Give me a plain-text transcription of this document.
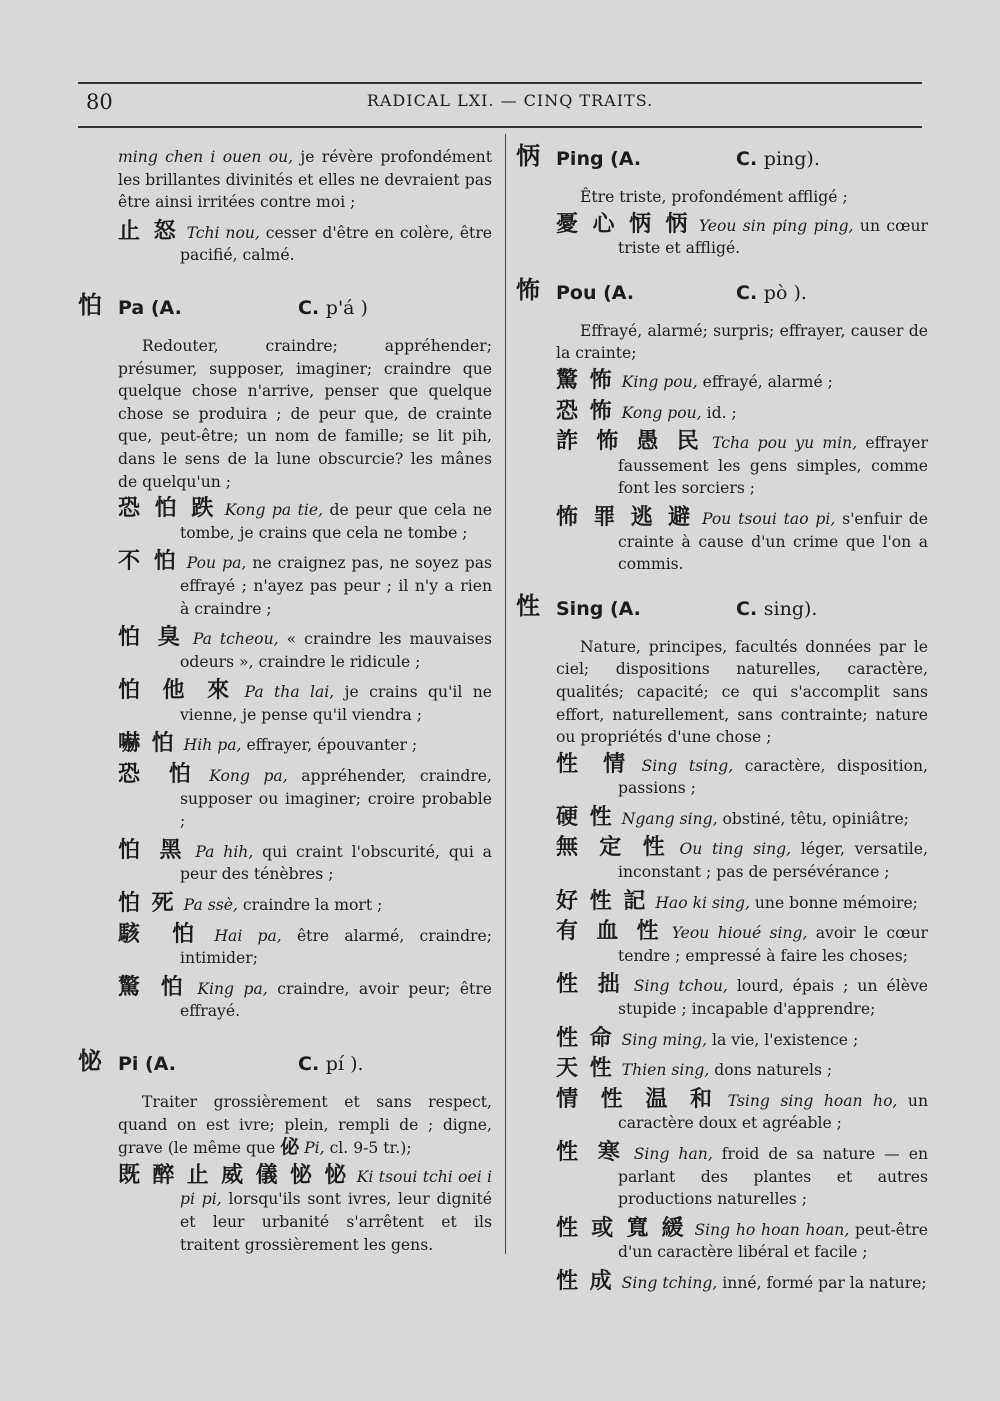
80	RADICAL LXI. — CINQ TRAITS.

ming chen i ouen ou, je révère profondément les brillantes divinités et elles ne devraient pas être ainsi irritées contre moi ;

止 怒 Tchi nou, cesser d'être en colère, être pacifié, calmé.

怕 Pa (A.	C. p'á )

Redouter, craindre; appréhender; présumer, supposer, imaginer; craindre que quelque chose n'arrive, penser que quelque chose se produira ; de peur que, de crainte que, peut-être; un nom de famille; se lit pih, dans le sens de la lune obscurcie? les mânes de quelqu'un ;

恐 怕 跌 Kong pa tie, de peur que cela ne tombe, je crains que cela ne tombe ;

不 怕 Pou pa, ne craignez pas, ne soyez pas effrayé ; n'ayez pas peur ; il n'y a rien à craindre ;

怕 臭 Pa tcheou, « craindre les mauvaises odeurs », craindre le ridicule ;

怕 他 來 Pa tha lai, je crains qu'il ne vienne, je pense qu'il viendra ;

嚇 怕 Hih pa, effrayer, épouvanter ;

恐 怕 Kong pa, appréhender, craindre, supposer ou imaginer; croire probable ;

怕 黑 Pa hih, qui craint l'obscurité, qui a peur des ténèbres ;

怕 死 Pa ssè, craindre la mort ;

駭 怕 Hai pa, être alarmé, craindre; intimider;

驚 怕 King pa, craindre, avoir peur; être effrayé.

怭 Pi (A.	C. pí ).

Traiter grossièrement et sans respect, quand on est ivre; plein, rempli de ; digne, grave (le même que 佖 Pi, cl. 9-5 tr.);

既 醉 止 威 儀 怭 怭 Ki tsoui tchi oei i pi pi, lorsqu'ils sont ivres, leur dignité et leur urbanité s'arrêtent et ils traitent grossièrement les gens.

怲 Ping (A.	C. ping).

Être triste, profondément affligé ;

憂 心 怲 怲 Yeou sin ping ping, un cœur triste et affligé.

怖 Pou (A.	C. pò ).

Effrayé, alarmé; surpris; effrayer, causer de la crainte;

驚 怖 King pou, effrayé, alarmé ;

恐 怖 Kong pou, id. ;

詐 怖 愚 民 Tcha pou yu min, effrayer faussement les gens simples, comme font les sorciers ;

怖 罪 逃 避 Pou tsoui tao pi, s'enfuir de crainte à cause d'un crime que l'on a commis.

性 Sing (A.	C. sing).

Nature, principes, facultés données par le ciel; dispositions naturelles, caractère, qualités; capacité; ce qui s'accomplit sans effort, naturellement, sans contrainte; nature ou propriétés d'une chose ;

性 情 Sing tsing, caractère, disposition, passions ;

硬 性 Ngang sing, obstiné, têtu, opiniâtre;

無 定 性 Ou ting sing, léger, versatile, inconstant ; pas de persévérance ;

好 性 記 Hao ki sing, une bonne mémoire;

有 血 性 Yeou hioué sing, avoir le cœur tendre ; empressé à faire les choses;

性 拙 Sing tchou, lourd, épais ; un élève stupide ; incapable d'apprendre;

性 命 Sing ming, la vie, l'existence ;

天 性 Thien sing, dons naturels ;

情 性 温 和 Tsing sing hoan ho, un caractère doux et agréable ;

性 寒 Sing han, froid de sa nature — en parlant des plantes et autres productions naturelles ;

性 或 寬 緩 Sing ho hoan hoan, peut-être d'un caractère libéral et facile ;

性 成 Sing tching, inné, formé par la nature;
